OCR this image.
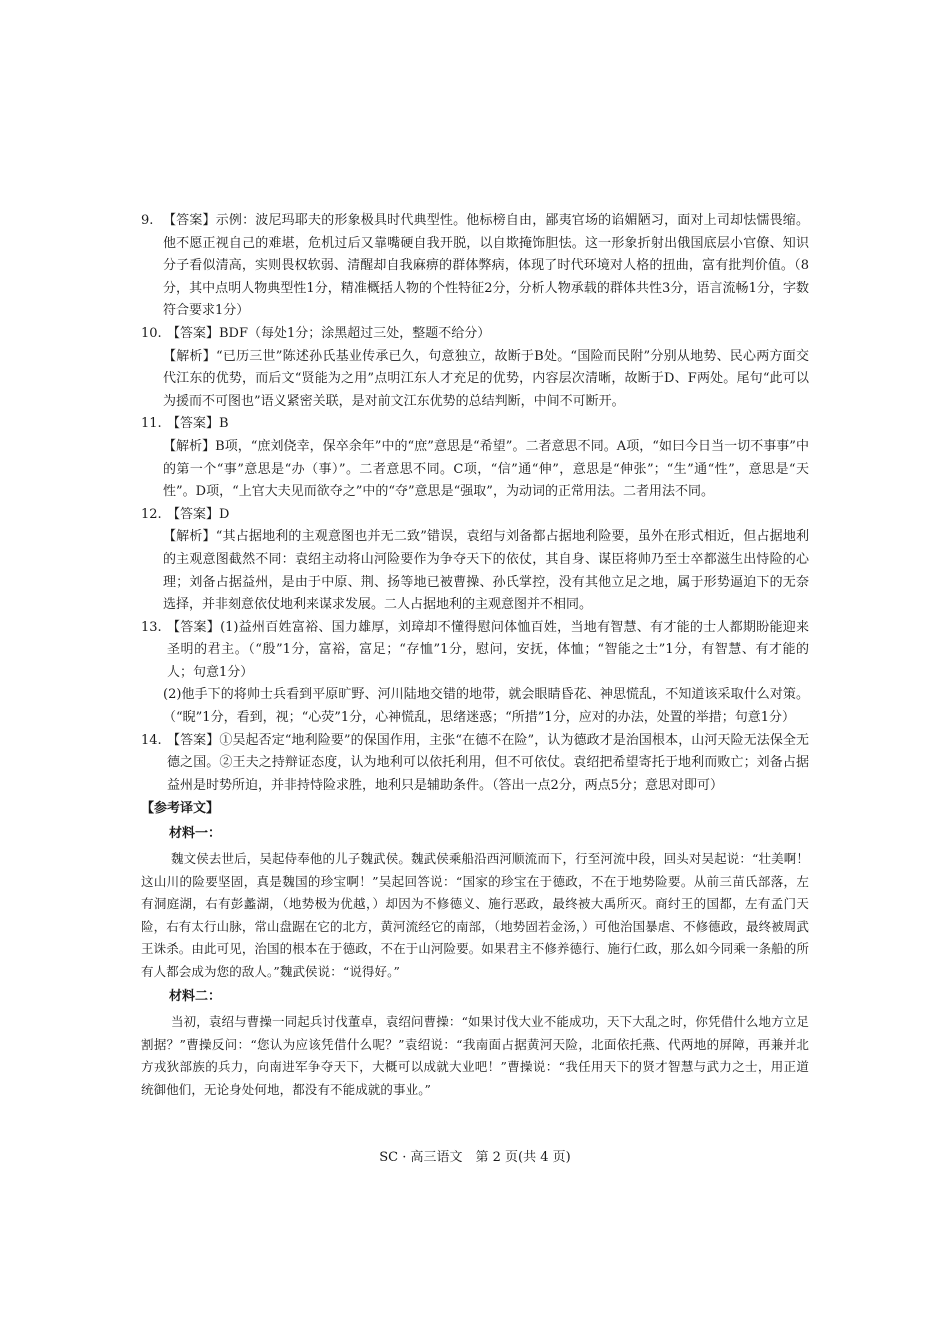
9. 【答案】示例：波尼玛耶夫的形象极具时代典型性。他标榜自由，鄙夷官场的谄媚陋习，面对上司却怯懦畏缩。他不愿正视自己的难堪，危机过后又靠嘴硬自我开脱，以自欺掩饰胆怯。这一形象折射出俄国底层小官僚、知识分子看似清高，实则畏权软弱、清醒却自我麻痹的群体弊病，体现了时代环境对人格的扭曲，富有批判价值。（8分，其中点明人物典型性1分，精准概括人物的个性特征2分，分析人物承载的群体共性3分，语言流畅1分，字数符合要求1分）

10. 【答案】BDF（每处1分；涂黑超过三处，整题不给分）

【解析】“已历三世”陈述孙氏基业传承已久，句意独立，故断于B处。“国险而民附”分别从地势、民心两方面交代江东的优势，而后文“贤能为之用”点明江东人才充足的优势，内容层次清晰，故断于D、F两处。尾句“此可以为援而不可图也”语义紧密关联，是对前文江东优势的总结判断，中间不可断开。

11. 【答案】B

【解析】B项，“庶刘侥幸，保卒余年”中的“庶”意思是“希望”。二者意思不同。A项，“如曰今日当一切不事事”中的第一个“事”意思是“办（事）”。二者意思不同。C项，“信”通“伸”，意思是“伸张”；“生”通“性”，意思是“天性”。D项，“上官大夫见而欲夺之”中的“夺”意思是“强取”，为动词的正常用法。二者用法不同。

12. 【答案】D

【解析】“其占据地利的主观意图也并无二致”错误，袁绍与刘备都占据地利险要，虽外在形式相近，但占据地利的主观意图截然不同：袁绍主动将山河险要作为争夺天下的依仗，其自身、谋臣将帅乃至士卒都滋生出恃险的心理；刘备占据益州，是由于中原、荆、扬等地已被曹操、孙氏掌控，没有其他立足之地，属于形势逼迫下的无奈选择，并非刻意依仗地利来谋求发展。二人占据地利的主观意图并不相同。

13. 【答案】(1)益州百姓富裕、国力雄厚，刘璋却不懂得慰问体恤百姓，当地有智慧、有才能的士人都期盼能迎来圣明的君主。（“殷”1分，富裕，富足；“存恤”1分，慰问，安抚，体恤；“智能之士”1分，有智慧、有才能的人；句意1分）

(2)他手下的将帅士兵看到平原旷野、河川陆地交错的地带，就会眼睛昏花、神思慌乱，不知道该采取什么对策。（“睨”1分，看到，视；“心荧”1分，心神慌乱，思绪迷惑；“所措”1分，应对的办法，处置的举措；句意1分）

14. 【答案】①吴起否定“地利险要”的保国作用，主张“在德不在险”，认为德政才是治国根本，山河天险无法保全无德之国。②王夫之持辩证态度，认为地利可以依托利用，但不可依仗。袁绍把希望寄托于地利而败亡；刘备占据益州是时势所迫，并非持恃险求胜，地利只是辅助条件。（答出一点2分，两点5分；意思对即可）

【参考译文】
材料一：

魏文侯去世后，吴起侍奉他的儿子魏武侯。魏武侯乘船沿西河顺流而下，行至河流中段，回头对吴起说：“壮美啊！这山川的险要坚固，真是魏国的珍宝啊！”吴起回答说：“国家的珍宝在于德政，不在于地势险要。从前三苗氏部落，左有洞庭湖，右有彭蠡湖，（地势极为优越，）却因为不修德义、施行恶政，最终被大禹所灭。商纣王的国都，左有孟门天险，右有太行山脉，常山盘踞在它的北方，黄河流经它的南部，（地势固若金汤，）可他治国暴虐、不修德政，最终被周武王诛杀。由此可见，治国的根本在于德政，不在于山河险要。如果君主不修养德行、施行仁政，那么如今同乘一条船的所有人都会成为您的敌人。”魏武侯说：“说得好。”

材料二：

当初，袁绍与曹操一同起兵讨伐董卓，袁绍问曹操：“如果讨伐大业不能成功，天下大乱之时，你凭借什么地方立足割据？”曹操反问：“您认为应该凭借什么呢？”袁绍说：“我南面占据黄河天险，北面依托燕、代两地的屏障，再兼并北方戎狄部族的兵力，向南进军争夺天下，大概可以成就大业吧！”曹操说：“我任用天下的贤才智慧与武力之士，用正道统御他们，无论身处何地，都没有不能成就的事业。”

SC · 高三语文　第 2 页(共 4 页)
